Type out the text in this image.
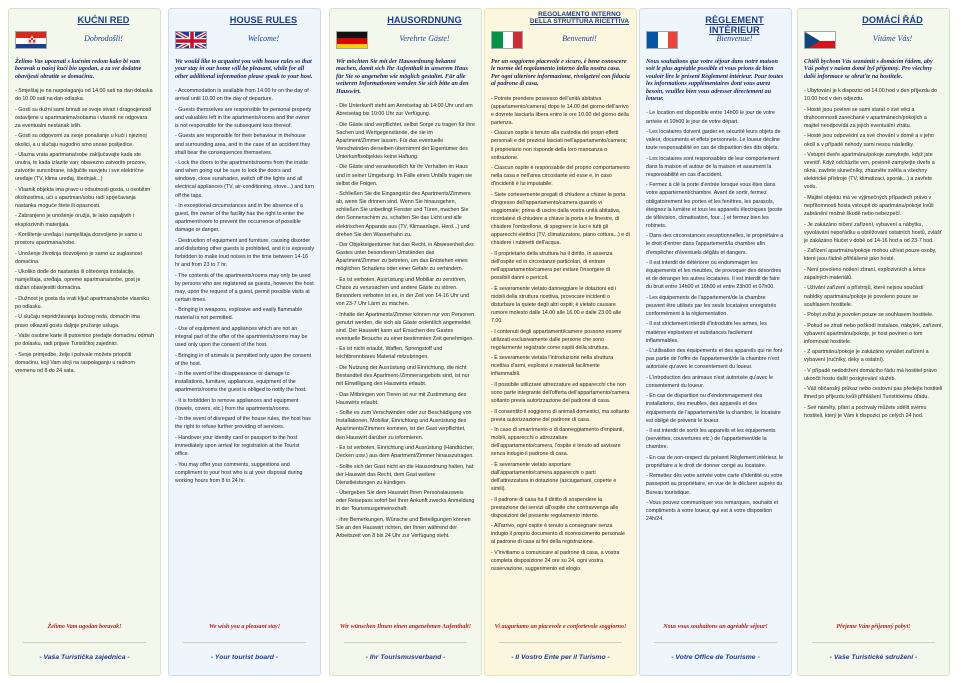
KUĆNI RED
Dobrodošli!
Želimo Vas upoznati s kućnim redom kako bi vam boravak u našoj kući bio ugodan, a za sve dodatne obavijesti obratite se domaćinu.

- Smještaj je na raspolaganju od 14.00 sati na dan dolaska do 10.00 sati na dan odlaska.

- Gosti su dužni sami brinuti se svoje stvari i dragocjenosti ostavljene u apartmanima/sobama i vlasnik ne odgovara za eventualni nestanak istih.

- Gosti su odgovorni za svoje ponašanje u kući i njezinoj okolici, a u slučaju nugodno smo snose posljedice.

- Ulazna vrata apartmana/sobe zaključavajte kada ste unutra, te kada izlazite van; obavezno zatvorite prozore, zatvorite suncobrane, isključite rasvjetu i sve električne uređaje (TV, klima uređaj, štednjak...)

- Vlasnik objekta ima pravo u odsutnosti gosta, u osobitim okolnostima, ući u apartman/sobu radi sprječavanja nastanka moguće štete ili opasnosti.

- Zabranjeno je unošenje oružja, te lako zapaljivih i eksplozivnih materijala.

- Korištenje uređaja i namještaja dozvoljeno je samo u prostoru apartmana/sobe.

- Unošenje životinja dozvoljeno je samo uz suglasnost domaćina.

- Ukoliko dođe do nastanka ili oštećenja instalacije, namještaja, uređaja, opreme apartmana/sobe, gost je dužan obavijestiti domaćina.

- Dužnost je gosta da vrati ključ apartmana/sobe vlasniku po odlasku.

- U slučaju nepridržavanja kućnog reda, domaćin ima pravo otkazati gostu daljnje pružanje usluga.

- Vaše osobne karte ili putovnice predajte domaćinu odmah po dolasku, radi prijave Turističkoj zajednici.

- Svoje primjedbe, želje i pohvale možete priopćiti domaćinu, koji Vam stoji na raspolaganju u radnom vremenu od 8 do 24 sata.

Želimo Vam ugodan boravak!
- Vaša Turistička zajednica -
HOUSE RULES
Welcome!
We would like to acquaint you with house rules so that your stay in our home will be pleasant, while for all other additional information please speak to your host.

- Accommodation is available from 14.00 hr on the day of arrival until 10.00 on the day of departure.

- Guests themselves are responsible for personal property and valuables left in the apartments/rooms and the owner is not responsible for the subsequent loss thereof.

- Guests are responsible for their behaviour in thehouse and surrounding area, and in the case of an accident they shall bear the consequences themselves.

- Lock the doors to the apartments/rooms from the inside and when going out be sure to lock the doors and windows, close sunshades, switch off the lights and all electrical appliances (TV, air-conditioning, stove...) and turn off the taps.

- In exceptional circumstances and in the absence of a guest, the owner of the facility has the right to enter the apartment/room to prevent the occurrence of possible damage or danger.

- Destruction of equipment and furniture, causing disorder and disturbing other guests is prohibited, and it is expressly forbidden to make loud noises in the time between 14-16 hr and from 23 to 7 hr.

- The contents of the apartments/rooms may only be used by persons who are registered as guests, however the host may, upon the request of a guest, permit possible visits at certain times.

- Bringing in weapons, explosive and easily flammable material is not permitted.

- Use of equipment and appliances which are not an integral part of the offer of the apartments/rooms may be used only upon the consent of the host.

- Bringing in of animals is permitted only upon the consent of the host.

- In the event of the disappearance or damage to installations, furniture, appliances, equipment of the apartments/rooms the guest is obliged to notify the host.

- It is forbidden to remove appliances and equipment (towels, covers, etc.) from the apartments/rooms.

- In the event of disregard of the house rules, the host has the right to refuse further providing of services.

- Handover your identity card or passport to the host immediately upon arrival for registration at the Tourist office.

- You may offer your comments, suggestions and compliment to your host who is at your disposal during working hours from 8 to 24 hr.

We wish you a pleasant stay!
- Your tourist board -
HAUSORDNUNG
Verehrte Gäste!
Wir möchten Sie mit der Hausordnung bekannt machen, damit sich Ihr Aufenthalt in unserem Haus für Sie so angenehm wie möglich gestaltet. Für alle weiteren Informationen wenden Sie sich bitte an den Hauswirt.

- Die Unterkunft steht am Anreisetag ab 14:00 Uhr und am Abreisetag bis 10:00 Uhr zur Verfügung.

- Die Gäste sind verpflichtet, selbst Sorge zu tragen für ihre Sachen und Wertgegenstände, die sie im Apartment/Zimmer lassen. Für das eventuelle Verschwinden derselben übernimmt der Eigentümer des Unterkunftsobjektes keine Haftung.

- Die Gäste sind verantwortlich für ihr Verhalten im Haus und in seiner Umgebung. Im Falle eines Unfalls tragen sie selbst die Folgen.

- Schließen Sie die Eingangstür des Apartments/Zimmers ab, wenn Sie drinnen sind. Wenn Sie hinausgehen, schließen Sie unbedingt Fenster und Türen, machen Sie den Sonnenschirm zu, schalten Sie das Licht und alle elektrischen Apparate aus (TV, Klimaanlage, Herd...) und drehen Sie den Wasserhahn zu.

- Der Objekteigentümer hat das Recht, in Abwesenheit des Gastes unter besonderen Umständen das Apartment/Zimmer zu betreten, um das Entstehen eines möglichen Schadens oder einer Gefahr zu verhindern.

- Es ist verboten, Ausrüstung und Mobiliar zu zerstören, Chaos zu verursachen und andere Gäste zu stören. Besonders verboten ist es, in der Zeit von 14-16 Uhr und von 23-7 Uhr Lärm zu machen.

- Inhalte der Apartments/Zimmer können nur von Personen genutzt werden, die sich als Gäste ordentlich angemeldet sind. Der Hauswirt kann auf Ersuchen des Gastes eventuelle Besuche zu einer bestimmten Zeit genehmigen.

- Es ist nicht erlaubt, Waffen, Sprengstoff und leichtbrennbares Material mitzubringen.

- Die Nutzung der Ausrüstung und Einrichtung, die nicht Bestandteil des Apartment-/Zimmerangebots sind, ist nur mit Einwilligung des Hauswirts erlaubt.

- Das Mitbringen von Tieren ist nur mit Zustimmung des Hauswirts erlaubt.

- Sollte es zum Verschwinden oder zur Beschädigung von Installationen, Mobiliar, Einrichtung und Ausrüstung des Apartments/Zimmers kommen, ist der Gast verpflichtet, den Hauswirt darüber zu informieren.

- Es ist verboten, Einrichtung und Ausrüstung (Handtücher, Decken usw.) aus dem Apartment/Zimmer hinauszutragen.

- Sollte sich der Gast nicht an die Hausordnung halten, hat der Hauswirt das Recht, dem Gast weitere Dienstleistungen zu kündigen.

- Übergeben Sie dem Hauswirt Ihren Personalausweis oder Reisepass sofort bei Ihrer Ankunft zwecks Anmeldung in der Tourismusgemeinschaft.

- Ihre Bemerkungen, Wünsche und Beteiligungen können Sie an den Hauswirt richten, der Ihnen während der Arbeitszeit von 8 bis 24 Uhr zur Verfügung steht.

Wir wünschen Ihnen einen angenehmen Aufenthalt!
- Ihr Tourismusverband -
REGOLAMENTO INTERNO DELLA STRUTTURA RICETTIVA
Benvenuti!
Per un soggiorno piacevole e sicuro, è bene conoscere le norme del regolamento interno della nostra casa. Per ogni ulteriore informazione, rivolgetevi con fiducia al padrone di casa.

- Potrete prendere possesso dell'unità abitativa (appartamento/camera) dopo le 14.00 del giorno dell'arrivo e dovrete lasciarla libera entro le ore 10.00 del giorno della partenza.

- Ciascun ospite è tenuto alla custodia dei propri effetti personali e dei preziosi lasciati nell'appartamento/camera; il proprietario non risponde della loro mancanza o sottrazione.

- Ciascun ospite è responsabile del proprio comportamento nella casa e nell'area circostante ed esse e, in caso d'incidenti è lui imputabile.

- Siete cortesemente pregati di chiudere a chiave la porta d'ingresso dell'appartamento/camera quando vi soggiornate; prima di uscire dalla vostra unità abitativa, ricordatevi di chiudere a chiave la porta e le finestre, di chiudere l'ombrellone, di spegnere le luci e tutti gli apparecchi elettrici (TV, climatizzatore, piano cottura...) e di chiudere i rubinetti dell'acqua.

- Il proprietario della struttura ha il diritto, in assenza dell'ospite ed in circostanze particolari, di entrare nell'appartamento/camera per evitare l'insorgere di possibili danni o pericoli.

- È severamente vietato danneggiare le dotazioni ed i mobili della struttura ricettiva, provocare incidenti o disturbare la quiete degli altri ospiti; è vietato causare rumore molesto dalle 14.00 alle 16.00 e dalle 23.00 alle 7.00.

- I contenuti degli appartamenti/camere possono essere utilizzati esclusivamente dalle persone che sono regolarmente registrate come ospiti della struttura.

- È severamente vietata l'introduzione nella struttura ricettiva d'armi, esplosivi e materiali facilmente infiammabili.

- Il possibile utilizzare attrezzature ed apparecchi che non sono parte integrante dell'offerta dell'appartamento/camera soltanto previa autorizzazione del padrone di casa.

- Il consentito il soggiorno di animali domestici, ma soltanto previa autorizzazione del padrone di casa.

- In caso di smarrimento o di danneggiamento d'impianti, mobili, apparecchi o attrezzature dell'appartamento/camera, l'ospite è tenuto ad avvisare senza indugio il padrone di casa.

- È severamente vietato asportare dall'appartamento/camera apparecchi o parti dell'attrezzatura in dotazione (asciugamani, coperte e simili).

- Il padrone di casa ha il diritto di sospendere la prestazione dei servizi all'ospite che contravvenga alle disposizioni del presente regolamento interno.

- All'arrivo, ogni ospite è tenuto a consegnare senza indugio il proprio documento di riconoscimento personale al padrone di casa ai fini della registrazione.

- V'invitiamo a comunicare al padrone di casa, a vostra completa disposizione 24 ore su 24, ogni vostra osservazione, suggerimento ed elogio.

Vi auguriamo un piacevole e confortevole soggiorno!
- Il Vostro Ente per il Turismo -
RÈGLEMENT INTÉRIEUR
Bienvenue!
Nous souhaitons que votre séjour dans notre maison soit le plus agréable possible et vous prions de bien vouloir lire le présent Règlement intérieur. Pour toutes les informations supplémentaires dont vous aurez besoin, veuillez bien vous adresser directement au loueur.

- Le location est disponible entre 14h00 le jour de votre arrivée et 10h00 le jour de votre départ.

- Les locataires doivent garder en sécurité leurs objets de valeur, documents et effets personnels. Le loueur décline toute responsabilité en cas de disparition des dits objets.

- Les locataires sont responsables de leur comportement dans la maison et autour de la maison et assument la responsabilité en cas d'accident.

- Fermez à clé la porte d'entrée lorsque vous êtes dans votre appartement/chambre. Avant de sortir, fermez obligatoirement les portes et les fenêtres, les parasols, éteignez la lumière et tous les appareils électriques (poste de télévision, climatisation, four...) et fermez bien les robinets.

- Dans des circonstances exceptionnelles, le propriétaire a le droit d'entrer dans l'appartement/la chambre afin d'empêcher d'éventuels dégâts et dangers.

- Il est interdit de détériorer ou endommager les équipements et les meubles, de provoquer des désordres et de déranger les autres locataires. Il est interdit de faire du bruit entre 14h00 et 16h00 et entre 23h00 et 07h00.

- Les équipements de l'appartement/de la chambre peuvent être utilisés par les seuls locataires enregistrés conformément à la réglementation.

- Il est strictement interdit d'introduire les armes, les matières explosives et substances facilement inflammables.

- L'utilisation des équipements et des appareils qui ne font pas partie de l'offre de l'appartement/de la chambre n'est autorisée qu'avec le consentement du loueur.

- L'introduction des animaux n'est autorisée qu'avec le consentement du loueur.

- En cas de disparition ou d'endommagement des installations, des meubles, des appareils et des équipements de l'appartement/de la chambre, le locataire est obligé de prévenir le loueur.

- Il est interdit de sortir les appareils et les équipements (serviettes, couvertures etc.) de l'appartement/de la chambre.

- En cas de non-respect du présent Règlement intérieur, le propriétaire a le droit de donner congé au locataire.

- Remettez dès votre arrivée votre carte d'identité ou votre passeport au propriétaire, en vue de le déclarer auprès du Bureau touristique.

- Vous pouvez communiquer vos remarques, souhaits et compliments à votre loueur, qui est à votre disposition 24h/24.

Nous vous souhaitons un agréable séjour!
- Votre Office de Tourisme -
DOMÁCÍ ŘÁD
Vítáme Vás!
Chtěli bychom Vás seznámit s domácím řádem, aby Váš pobyt v našem domě byl příjemný. Pro všechny další informace se obraťte na hostitele.

- Ubytování je k dispozici od 14.00 hod v den příjezdu do 10.00 hod v den odjezdu.

- Hosté jsou povinni se sami starat o své věci a drahocennosti zanechané v apartmánech/pokojích a majitel neodpovídá za jejich eventuální ztrátu.

- Hosté jsou odpovědni za své chování v domě a v jeho okolí a v případě nehody sami nesou následky.

- Vstupní dveře apartmánu/pokoje zamykejte, když jste vevnitř. Když odcházíte ven, povinně zamykejte dveře a okna, zavřete slunečníky, zhasněte světla a všechny elektrické přístroje (TV, klimatizaci, sporák...) a zavřete vodu.

- Majitel objektu má ve výjimečných případech právo v nepřítomnosti hosta vstoupit do apartmánu/pokoje kvůli zabránění možné škodě nebo nebezpečí.

- Je zakázáno ničení zařízení, vybavení a nábytku, vyvolávání nepořádku a obtěžování ostatních hostů, zvlášť je zakázáno hlučet v době od 14-16 hod a od 23-7 hod.

- Zařízení apartmánu/pokoje mohou užívat pouze osoby, které jsou řádně přihlášené jako hosté.

- Není povoleno nošení zbraní, explozivních a lehce zápalných materiálů.

- Užívání zařízení a přístrojů, které nejsou součástí nabídky apartmánu/pokoje je povoleno pouze se souhlasem hostitele.

- Pobyt zvířat je povolen pouze se souhlasem hostitele.

- Pokud se ztratí nebo poškodí instalace, nábytek, zařízení, vybavení apartmánu/pokoje, je host povinen o tom informovat hostitele.

- Z apartmánu/pokoje je zakázáno vynášet zařízení a vybavení (ručníky, deky a ostatní).

- V případě nedodržení domácího řádu má hostitel právo ukončit hostu další poskytování služeb.

- Váš občanský průkaz nebo cestovní pas předejte hostiteli ihned po příjezdu kvůli přihlášení Turistickému úřadu.

- Své náměty, přání a pochvaly můžete sdělit svému hostiteli, který je Vám k dispozici po celých 24 hod.

Přejeme Vám příjemný pobyt!
- Vaše Turistické sdružení -
